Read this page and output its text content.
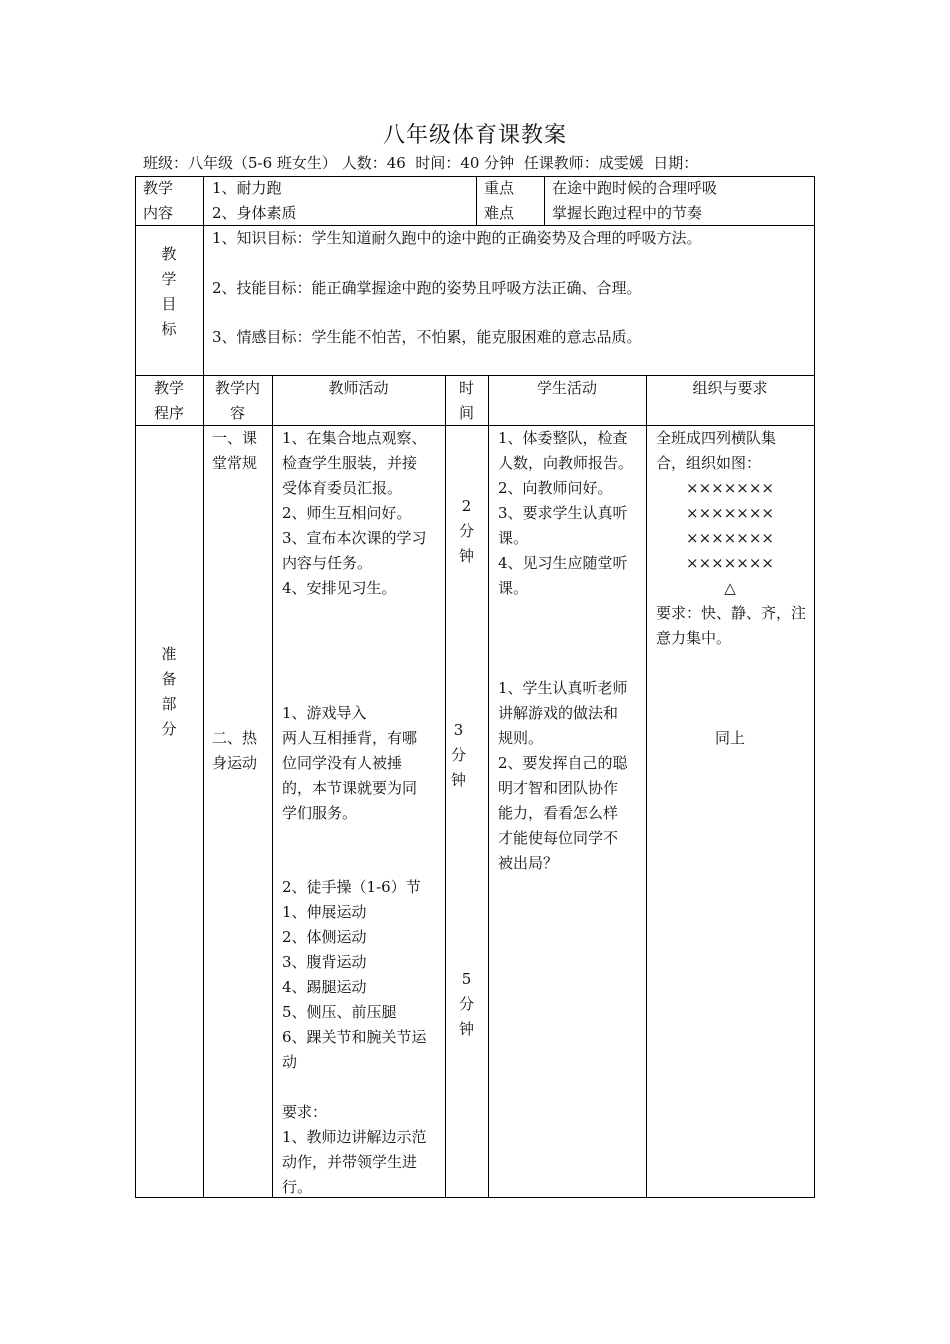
八年级体育课教案
班级：八年级（5-6 班女生） 人数：46  时间：40 分钟  任课教师：成雯媛  日期：
教学
内容
1、耐力跑
2、身体素质
重点
难点
在途中跑时候的合理呼吸
掌握长跑过程中的节奏
教
学
目
标
1、知识目标：学生知道耐久跑中的途中跑的正确姿势及合理的呼吸方法。
2、技能目标：能正确掌握途中跑的姿势且呼吸方法正确、合理。
3、情感目标：学生能不怕苦，不怕累，能克服困难的意志品质。
教学
程序
教学内
容
教师活动	时
间
学生活动	组织与要求
准
备
部
分
一、课
堂常规
二、热
身运动
1、在集合地点观察、
检查学生服装，并接
受体育委员汇报。
2、师生互相问好。
3、宣布本次课的学习
内容与任务。
4、安排见习生。
1、游戏导入
两人互相捶背，有哪
位同学没有人被捶
的，本节课就要为同
学们服务。
2、徒手操（1-6）节
1、伸展运动
2、体侧运动
3、腹背运动
4、踢腿运动
5、侧压、前压腿
6、踝关节和腕关节运
动
要求：
1、教师边讲解边示范
动作，并带领学生进
行。
2
分
钟
3
分
钟
5
分
钟
1、体委整队，检查
人数，向教师报告。
2、向教师问好。
3、要求学生认真听
课。
4、见习生应随堂听
课。
1、学生认真听老师
讲解游戏的做法和
规则。
2、要发挥自己的聪
明才智和团队协作
能力，看看怎么样
才能使每位同学不
被出局？
全班成四列横队集
合，组织如图：
×××××××
×××××××
×××××××
×××××××
△
要求：快、静、齐，注
意力集中。
同上
